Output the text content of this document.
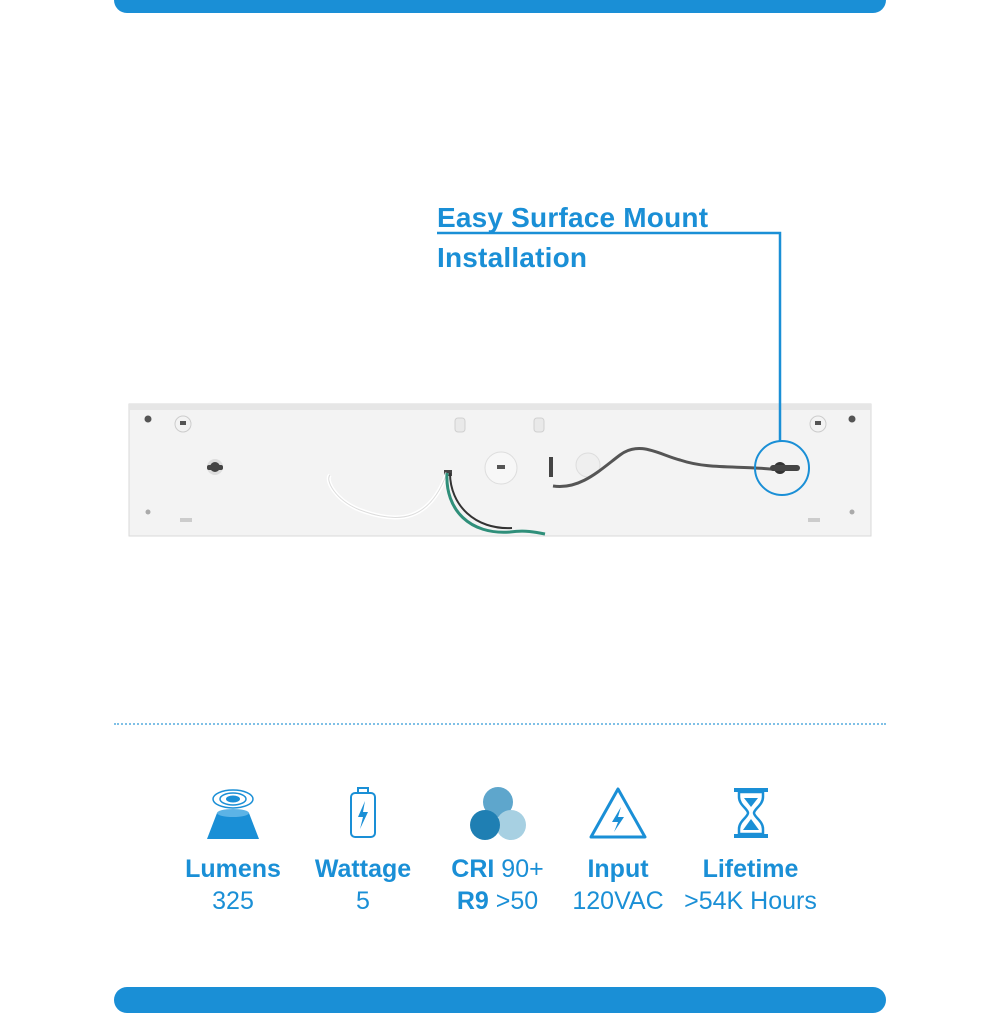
Easy Surface Mount
Installation
Lumens
325
Wattage
5
CRI 90+
R9 >50
Input
120VAC
Lifetime
>54K Hours
